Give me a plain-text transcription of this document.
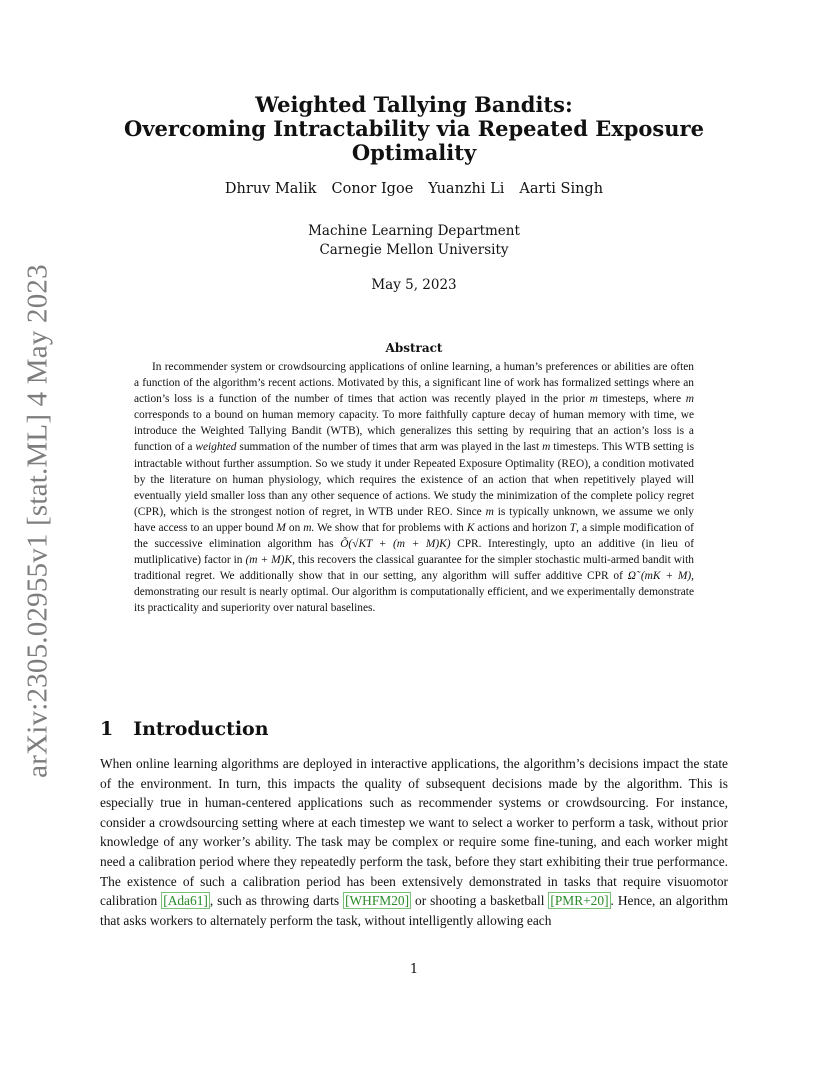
arXiv:2305.02955v1 [stat.ML] 4 May 2023
Weighted Tallying Bandits:
Overcoming Intractability via Repeated Exposure
Optimality
Dhruv Malik Conor Igoe Yuanzhi Li Aarti Singh
Machine Learning Department
Carnegie Mellon University
May 5, 2023
Abstract
In recommender system or crowdsourcing applications of online learning, a human’s preferences or abilities are often a function of the algorithm’s recent actions. Motivated by this, a significant line of work has formalized settings where an action’s loss is a function of the number of times that action was recently played in the prior m timesteps, where m corresponds to a bound on human memory capacity. To more faithfully capture decay of human memory with time, we introduce the Weighted Tallying Bandit (WTB), which generalizes this setting by requiring that an action’s loss is a function of a weighted summation of the number of times that arm was played in the last m timesteps. This WTB setting is intractable without further assumption. So we study it under Repeated Exposure Optimality (REO), a condition motivated by the literature on human physiology, which requires the existence of an action that when repetitively played will eventually yield smaller loss than any other sequence of actions. We study the minimization of the complete policy regret (CPR), which is the strongest notion of regret, in WTB under REO. Since m is typically unknown, we assume we only have access to an upper bound M on m. We show that for problems with K actions and horizon T, a simple modification of the successive elimination algorithm has Õ(√KT + (m + M)K) CPR. Interestingly, upto an additive (in lieu of mutliplicative) factor in (m + M)K, this recovers the classical guarantee for the simpler stochastic multi-armed bandit with traditional regret. We additionally show that in our setting, any algorithm will suffer additive CPR of Ω̃ (mK + M), demonstrating our result is nearly optimal. Our algorithm is computationally efficient, and we experimentally demonstrate its practicality and superiority over natural baselines.
1 Introduction
When online learning algorithms are deployed in interactive applications, the algorithm’s decisions impact the state of the environment. In turn, this impacts the quality of subsequent decisions made by the algorithm. This is especially true in human-centered applications such as recommender systems or crowdsourcing. For instance, consider a crowdsourcing setting where at each timestep we want to select a worker to perform a task, without prior knowledge of any worker’s ability. The task may be complex or require some fine-tuning, and each worker might need a calibration period where they repeatedly perform the task, before they start exhibiting their true performance. The existence of such a calibration period has been extensively demonstrated in tasks that require visuomotor calibration [Ada61] , such as throwing darts [WHFM20] or shooting a basketball [PMR+20] . Hence, an algorithm that asks workers to alternately perform the task, without intelligently allowing each
1
